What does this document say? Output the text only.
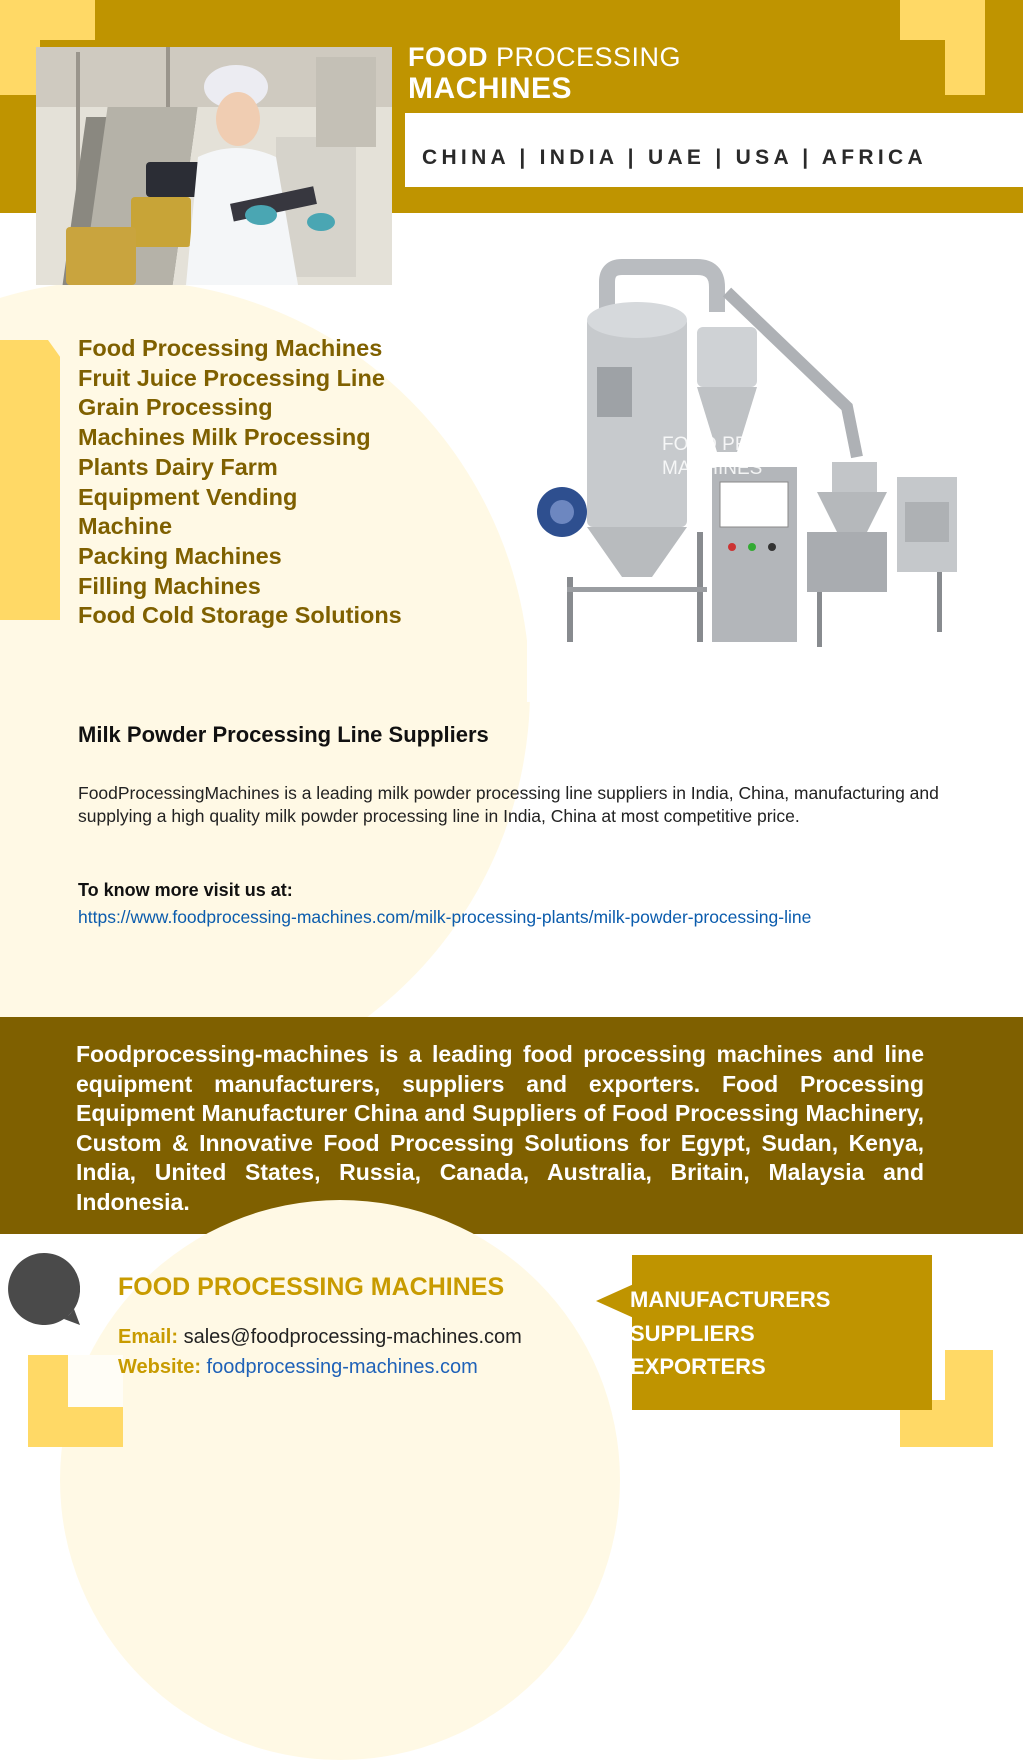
FOOD PROCESSING
MACHINES
CHINA | INDIA | UAE | USA | AFRICA
Food Processing Machines
Fruit Juice Processing Line
Grain Processing
Machines Milk Processing
Plants Dairy Farm
Equipment Vending
Machine
Packing Machines
Filling Machines
Food Cold Storage Solutions
FOOD PROCESSING
MACHINES
Milk Powder Processing Line Suppliers
FoodProcessingMachines is a leading milk powder processing line suppliers in India, China, manufacturing and supplying a high quality milk powder processing line in India, China at most competitive price.
To know more visit us at:
https://www.foodprocessing-machines.com/milk-processing-plants/milk-powder-processing-line
Foodprocessing-machines is a leading food processing machines and line equipment manufacturers, suppliers and exporters. Food Processing Equipment Manufacturer China and Suppliers of Food Processing Machinery, Custom & Innovative Food Processing Solutions for Egypt, Sudan, Kenya, India, United States, Russia, Canada, Australia, Britain, Malaysia and Indonesia.
FOOD PROCESSING MACHINES
Email: sales@foodprocessing-machines.com
Website: foodprocessing-machines.com
MANUFACTURERS
SUPPLIERS
EXPORTERS
